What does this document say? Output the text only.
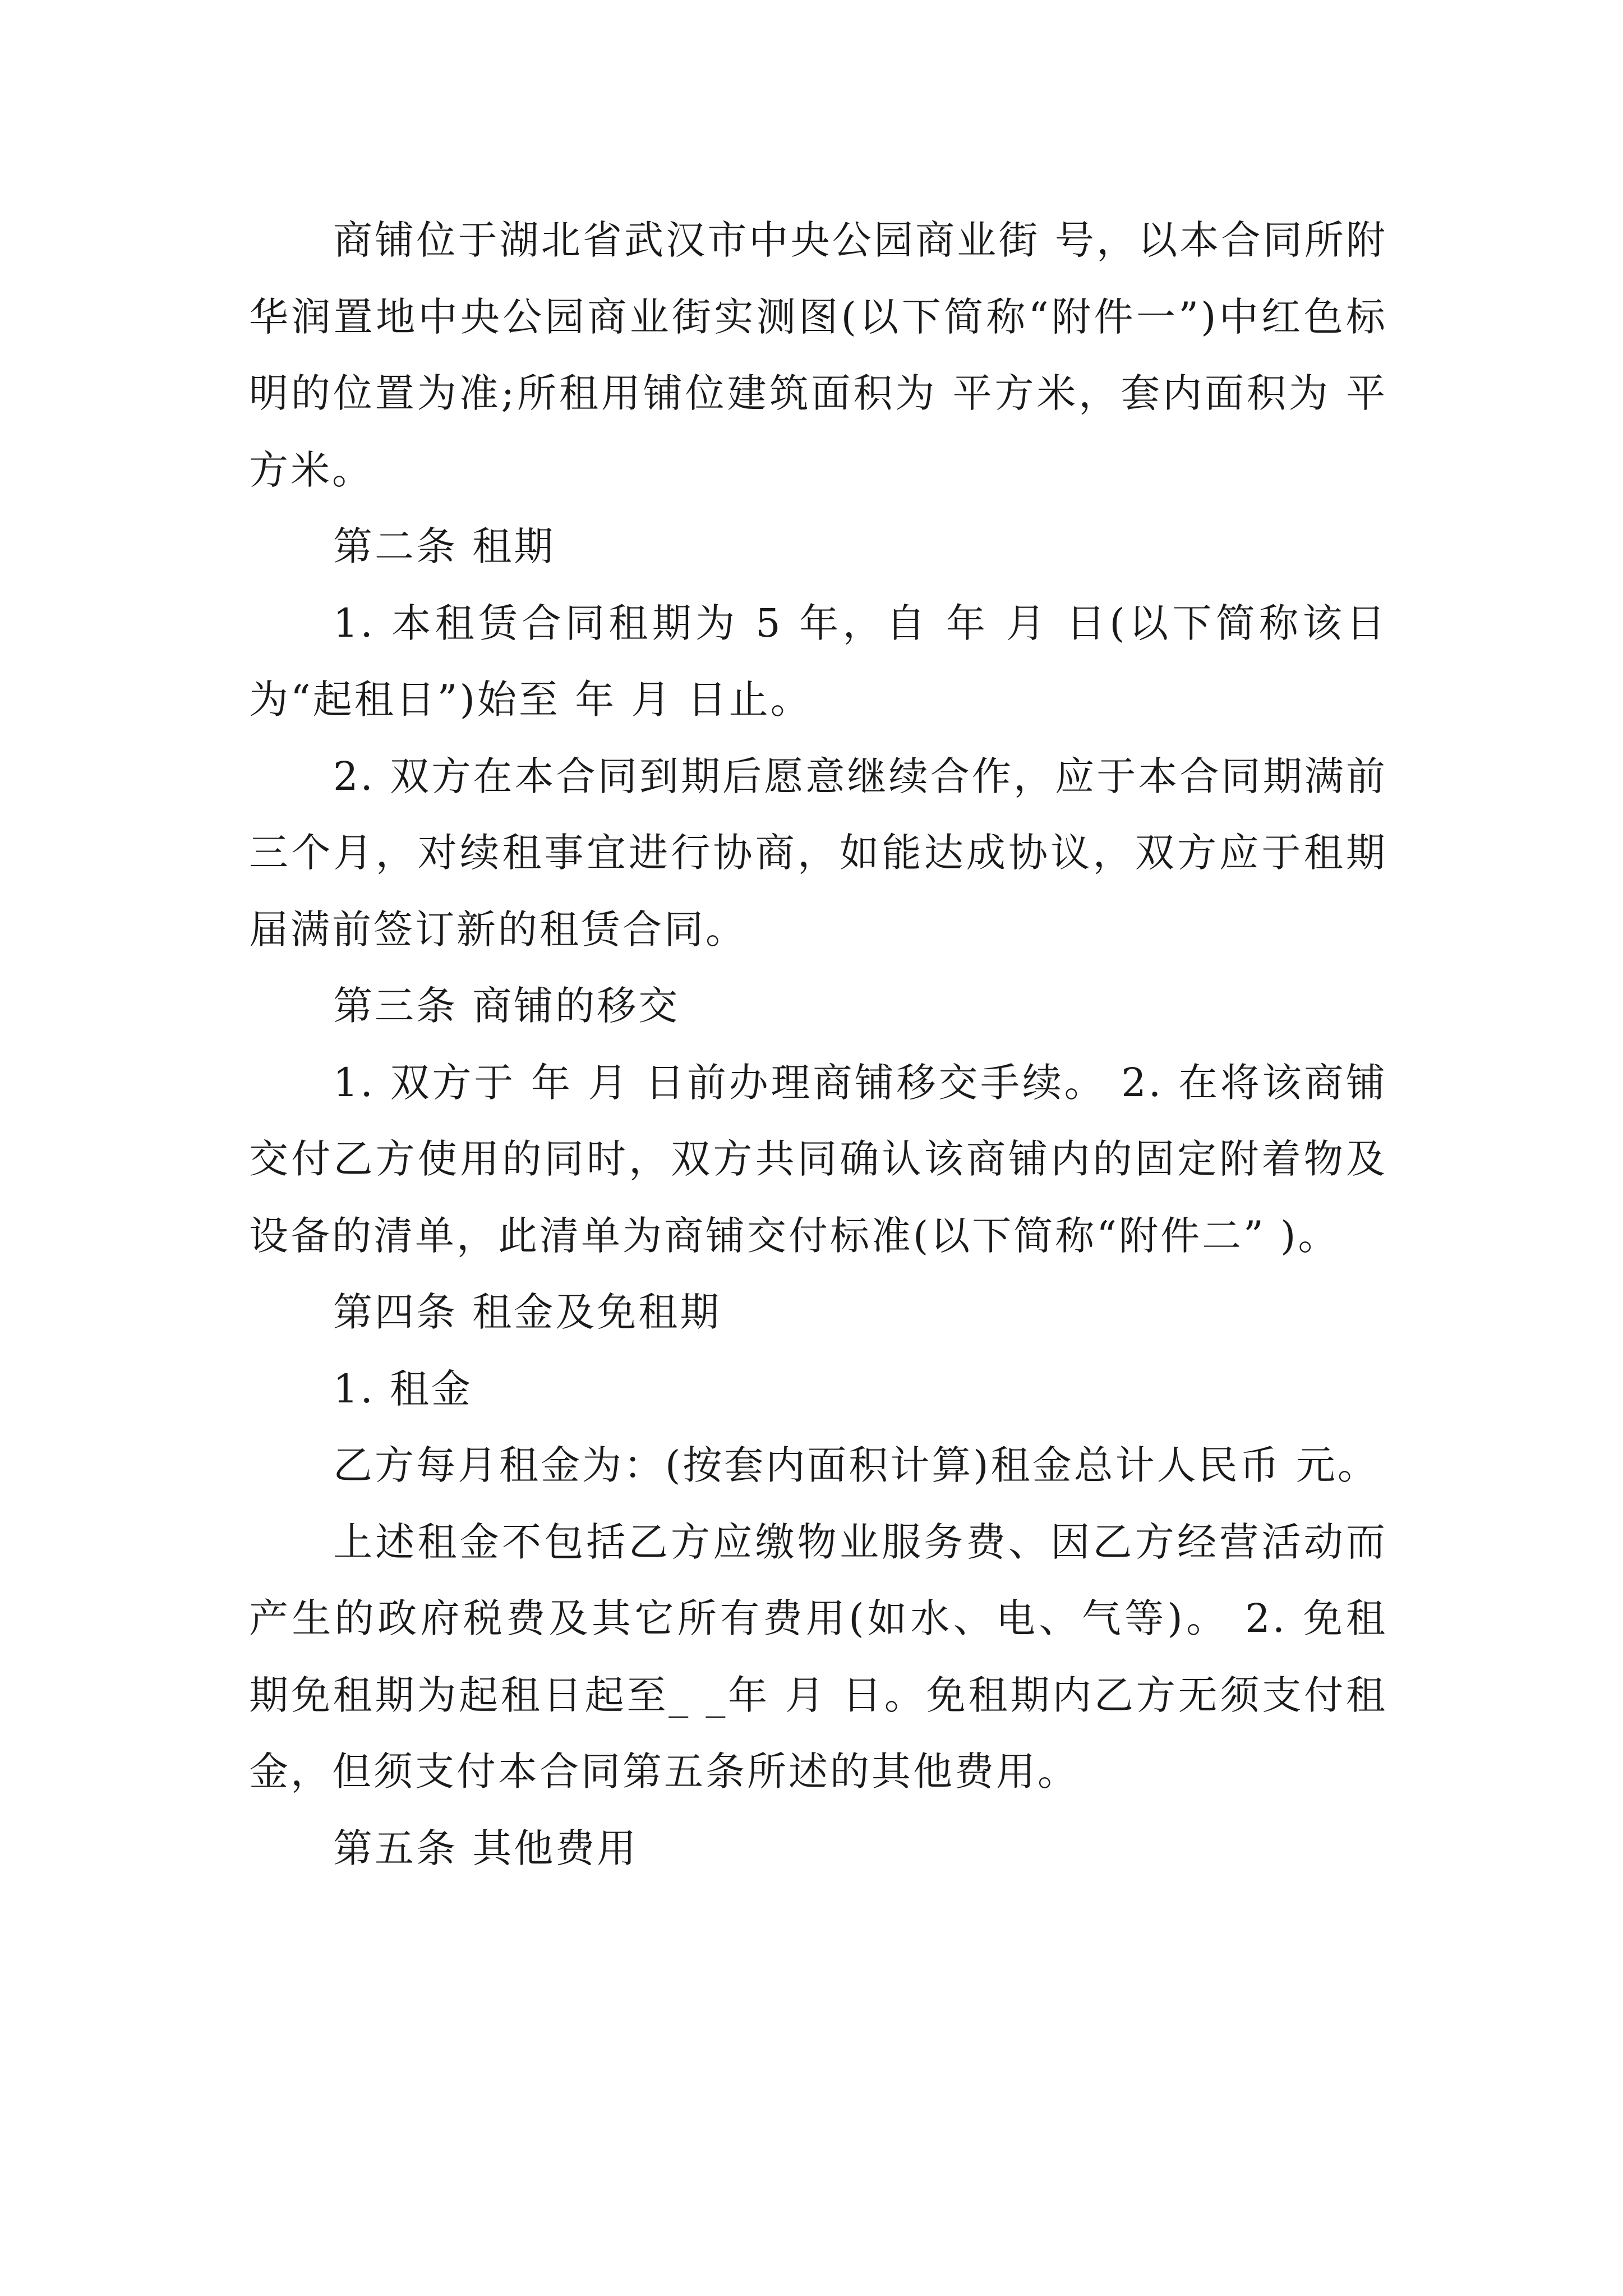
商铺位于湖北省武汉市中央公园商业街 号，以本合同所附华润置地中央公园商业街实测图(以下简称“附件一”)中红色标明的位置为准;所租用铺位建筑面积为 平方米，套内面积为 平方米。

第二条 租期

1. 本租赁合同租期为 5 年，自 年 月 日(以下简称该日为“起租日”)始至 年 月 日止。

2. 双方在本合同到期后愿意继续合作，应于本合同期满前三个月，对续租事宜进行协商，如能达成协议，双方应于租期届满前签订新的租赁合同。

第三条 商铺的移交

1. 双方于 年 月 日前办理商铺移交手续。 2. 在将该商铺交付乙方使用的同时，双方共同确认该商铺内的固定附着物及设备的清单，此清单为商铺交付标准(以下简称“附件二” )。

第四条 租金及免租期

1. 租金

乙方每月租金为：(按套内面积计算)租金总计人民币 元。

上述租金不包括乙方应缴物业服务费、因乙方经营活动而产生的政府税费及其它所有费用(如水、电、气等)。 2. 免租期免租期为起租日起至_ _年 月 日。免租期内乙方无须支付租金，但须支付本合同第五条所述的其他费用。

第五条 其他费用
